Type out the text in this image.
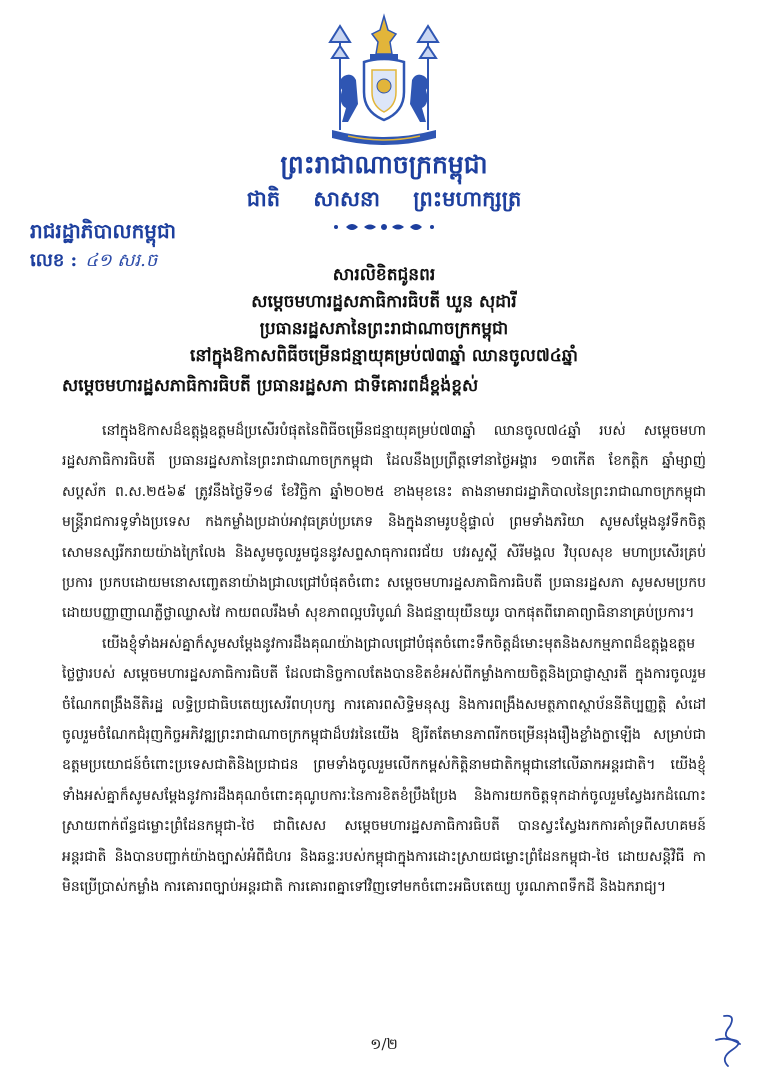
ព្រះរាជាណាចក្រកម្ពុជា
ជាតិ សាសនា ព្រះមហាក្សត្រ
រាជរដ្ឋាភិបាលកម្ពុជា
លេខ : ៤១ សរ.ច
សារលិខិតជូនពរ
សម្តេចមហារដ្ឋសភាធិការធិបតី ឃួន សុដារី
ប្រធានរដ្ឋសភានៃព្រះរាជាណាចក្រកម្ពុជា
នៅក្នុងឱកាសពិធីចម្រើនជន្មាយុគម្រប់៧៣ឆ្នាំ ឈានចូល៧៤ឆ្នាំ
សម្តេចមហារដ្ឋសភាធិការធិបតី ប្រធានរដ្ឋសភា ជាទីគោរពដ៏ខ្ពង់ខ្ពស់

នៅក្នុងឱកាសដ៏ឧត្តុង្គឧត្តមដ៏ប្រសើរបំផុតនៃពិធីចម្រើនជន្មាយុគម្រប់៧៣ឆ្នាំ ឈានចូល៧៤ឆ្នាំ របស់ សម្តេចមហារដ្ឋសភាធិការធិបតី ប្រធានរដ្ឋសភានៃព្រះរាជាណាចក្រកម្ពុជា ដែលនឹងប្រព្រឹត្តទៅនាថ្ងៃអង្គារ ១៣កើត ខែកត្តិក ឆ្នាំម្សាញ់ សប្តស័ក ព.ស.២៥៦៩ ត្រូវនឹងថ្ងៃទី១៨ ខែវិច្ឆិកា ឆ្នាំ២០២៥ ខាងមុខនេះ តាងនាមរាជរដ្ឋាភិបាលនៃព្រះរាជាណាចក្រកម្ពុជា មន្ត្រីរាជការទូទាំងប្រទេស កងកម្លាំងប្រដាប់អាវុធគ្រប់ប្រភេទ និងក្នុងនាមរូបខ្ញុំផ្ទាល់ ព្រមទាំងភរិយា សូមសម្តែងនូវទឹកចិត្តសោមនស្សរីករាយយ៉ាងក្រៃលែង និងសូមចូលរួមជូននូវសព្ទសាធុការពរជ័យ បវរសួស្តី សិរីមង្គល វិបុលសុខ មហាប្រសើរគ្រប់ប្រការ ប្រកបដោយមនោសញ្ចេតនាយ៉ាងជ្រាលជ្រៅបំផុតចំពោះ សម្តេចមហារដ្ឋសភាធិការធិបតី ប្រធានរដ្ឋសភា សូមសមប្រកបដោយបញ្ញាញាណភ្លឺថ្លាឈ្លាសវៃ កាយពលរឹងមាំ សុខភាពល្អបរិបូណ៌ និងជន្មាយុយឺនយូរ បាកផុតពីរោគាព្យាធិនានាគ្រប់ប្រការ។

យើងខ្ញុំទាំងអស់គ្នាក៏សូមសម្តែងនូវការដឹងគុណយ៉ាងជ្រាលជ្រៅបំផុតចំពោះទឹកចិត្តដ៏មោះមុតនិងសកម្មភាពដ៏ឧត្តុង្គឧត្តមថ្លៃថ្លារបស់ សម្តេចមហារដ្ឋសភាធិការធិបតី ដែលជានិច្ចកាលតែងបានខិតខំអស់ពីកម្លាំងកាយចិត្តនិងប្រាជ្ញាស្មារតី ក្នុងការចូលរួមចំណែកពង្រឹងនីតិរដ្ឋ លទ្ធិប្រជាធិបតេយ្យសេរីពហុបក្ស ការគោរពសិទ្ធិមនុស្ស និងការពង្រឹងសមត្ថភាពស្ថាប័ននីតិប្បញ្ញត្តិ សំដៅចូលរួមចំណែកជំរុញកិច្ចអភិវឌ្ឍព្រះរាជាណាចក្រកម្ពុជាដ៏បវរនៃយើង ឱ្យរីតតែមានភាពរីកចម្រើនរុងរឿងខ្លាំងក្លាឡើង សម្រាប់ជាឧត្តមប្រយោជន៍ចំពោះប្រទេសជាតិនិងប្រជាជន ព្រមទាំងចូលរួមលើកកម្ពស់កិត្តិនាមជាតិកម្ពុជានៅលើឆាកអន្តរជាតិ។ យើងខ្ញុំទាំងអស់គ្នាក៏សូមសម្តែងនូវការដឹងគុណចំពោះគុណូបការៈនៃការខិតខំប្រឹងប្រែង និងការយកចិត្តទុកដាក់ចូលរួមស្វែងរកដំណោះស្រាយពាក់ព័ន្ធជម្លោះព្រំដែនកម្ពុជា-ថៃ ជាពិសេស សម្តេចមហារដ្ឋសភាធិការធិបតី បានស្វះស្វែងរកការគាំទ្រពីសហគមន៍អន្តរជាតិ និងបានបញ្ជាក់យ៉ាងច្បាស់អំពីជំហរ និងឆន្ទៈរបស់កម្ពុជាក្នុងការដោះស្រាយជម្លោះព្រំដែនកម្ពុជា-ថៃ ដោយសន្តិវិធី កាមិនប្រើប្រាស់កម្លាំង ការគោរពច្បាប់អន្តរជាតិ ការគោរពគ្នាទៅវិញទៅមកចំពោះអធិបតេយ្យ បូរណភាពទឹកដី និងឯករាជ្យ។

១/២
